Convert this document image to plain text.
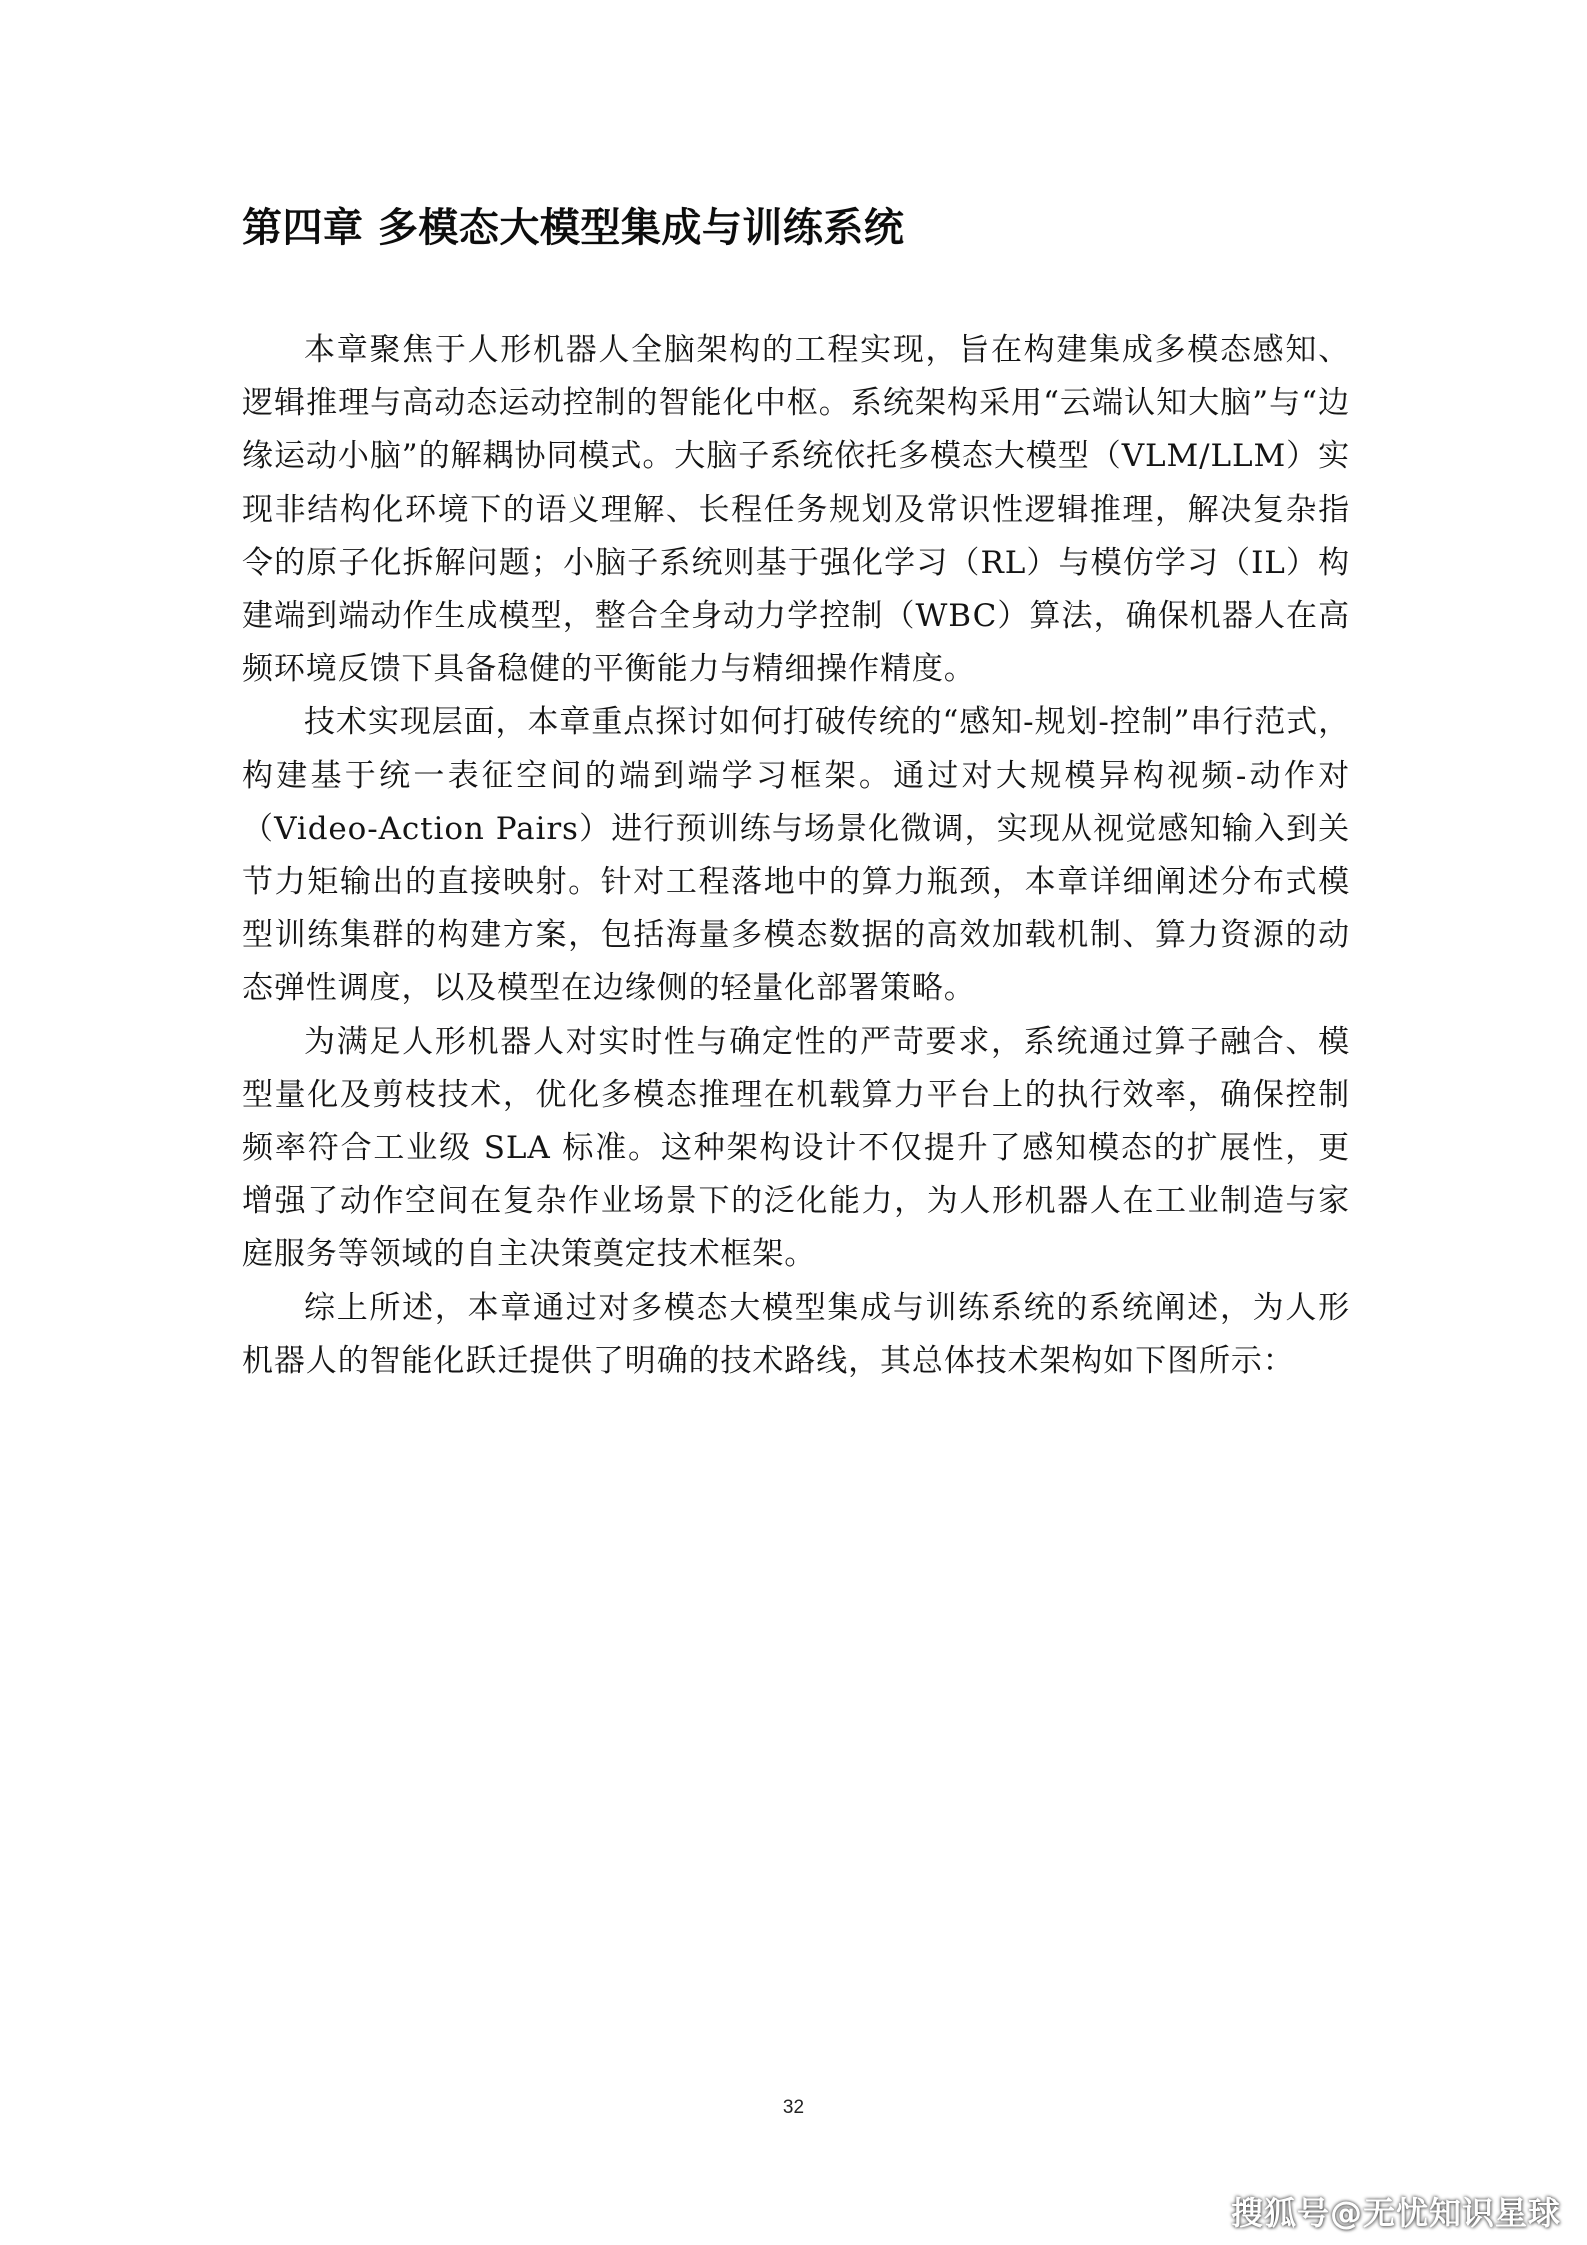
第四章 多模态大模型集成与训练系统

本章聚焦于人形机器人全脑架构的工程实现，旨在构建集成多模态感知、逻辑推理与高动态运动控制的智能化中枢。系统架构采用“云端认知大脑”与“边缘运动小脑”的解耦协同模式。大脑子系统依托多模态大模型（VLM/LLM）实现非结构化环境下的语义理解、长程任务规划及常识性逻辑推理，解决复杂指令的原子化拆解问题；小脑子系统则基于强化学习（RL）与模仿学习（IL）构建端到端动作生成模型，整合全身动力学控制（WBC）算法，确保机器人在高频环境反馈下具备稳健的平衡能力与精细操作精度。

技术实现层面，本章重点探讨如何打破传统的“感知-规划-控制”串行范式，构建基于统一表征空间的端到端学习框架。通过对大规模异构视频-动作对（Video-Action Pairs）进行预训练与场景化微调，实现从视觉感知输入到关节力矩输出的直接映射。针对工程落地中的算力瓶颈，本章详细阐述分布式模型训练集群的构建方案，包括海量多模态数据的高效加载机制、算力资源的动态弹性调度，以及模型在边缘侧的轻量化部署策略。

为满足人形机器人对实时性与确定性的严苛要求，系统通过算子融合、模型量化及剪枝技术，优化多模态推理在机载算力平台上的执行效率，确保控制频率符合工业级 SLA 标准。这种架构设计不仅提升了感知模态的扩展性，更增强了动作空间在复杂作业场景下的泛化能力，为人形机器人在工业制造与家庭服务等领域的自主决策奠定技术框架。

综上所述，本章通过对多模态大模型集成与训练系统的系统阐述，为人形机器人的智能化跃迁提供了明确的技术路线，其总体技术架构如下图所示：

32
搜狐号@无忧知识星球
